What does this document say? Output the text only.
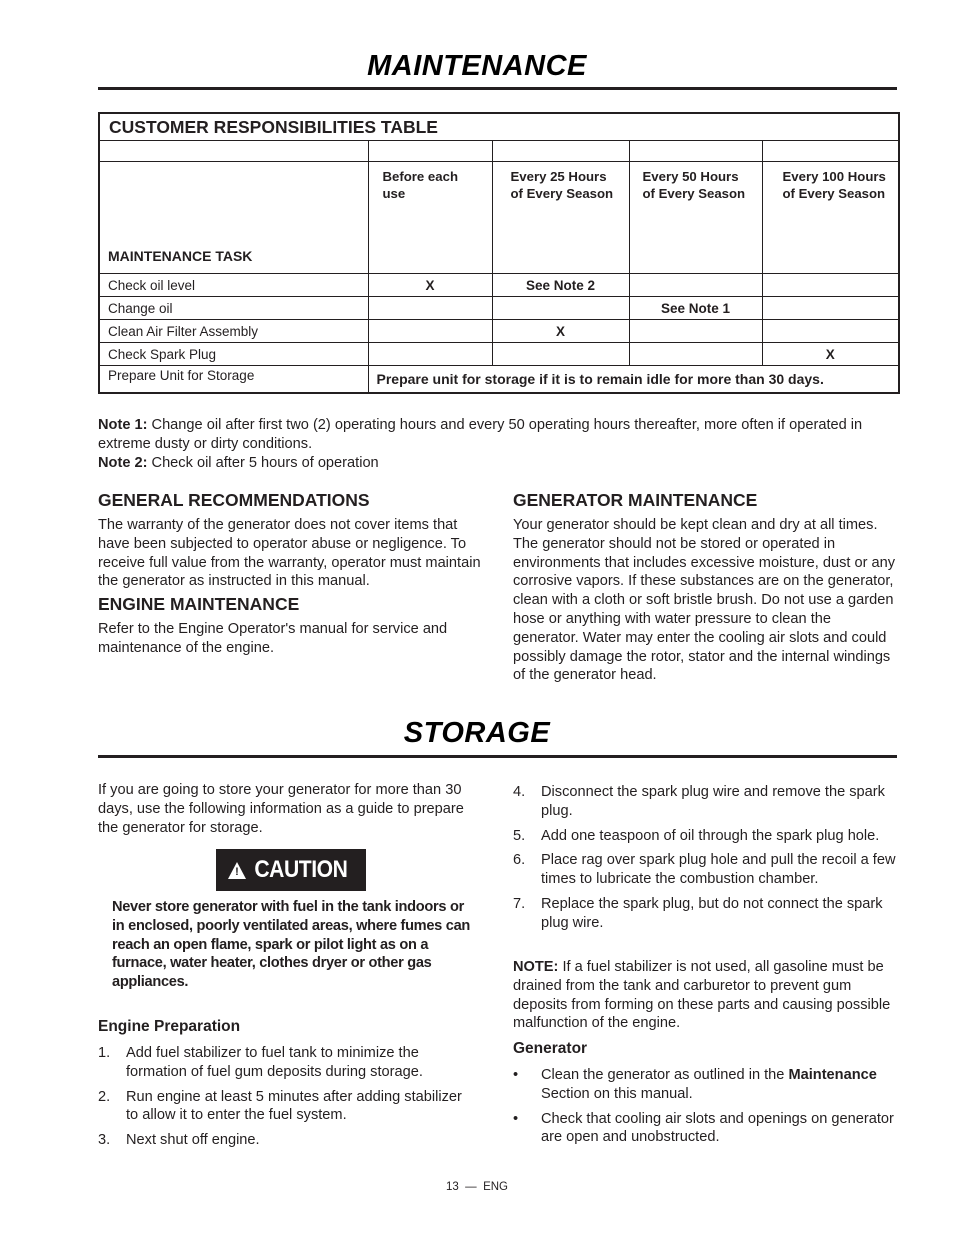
MAINTENANCE
CUSTOMER RESPONSIBILITIES TABLE				

MAINTENANCE TASK	Before each use	Every 25 Hours of Every Season	Every 50 Hours of Every Season	Every 100 Hours of Every Season
Check oil level	X	See Note 2		
Change oil			See Note 1	
Clean Air Filter Assembly		X		
Check Spark Plug				X
Prepare Unit for Storage	Prepare unit for storage if it is to remain idle for more than 30 days.			
Note 1: Change oil after first two (2) operating hours and every 50 operating hours thereafter, more often if operated in extreme dusty or dirty conditions.
Note 2: Check oil after 5 hours of operation
GENERAL RECOMMENDATIONS
The warranty of the generator does not cover items that have been subjected to operator abuse or negligence. To receive full value from the warranty, operator must maintain the generator as instructed in this manual.
ENGINE MAINTENANCE
Refer to the Engine Operator's manual for service and maintenance of the engine.
GENERATOR MAINTENANCE
Your generator should be kept clean and dry at all times. The generator should not be stored or operated in environments that includes excessive moisture, dust or any corrosive vapors. If these substances are on the generator, clean with a cloth or soft bristle brush. Do not use a garden hose or anything with water pressure to clean the generator. Water may enter the cooling air slots and could possibly damage the rotor, stator and the internal windings of the generator head.
STORAGE
If you are going to store your generator for more than 30 days, use the following information as a guide to prepare the generator for storage.
! CAUTION
Never store generator with fuel in the tank indoors or in enclosed, poorly ventilated areas, where fumes can reach an open flame, spark or pilot light as on a furnace, water heater, clothes dryer or other gas appliances.
Engine Preparation
1. Add fuel stabilizer to fuel tank to minimize the formation of fuel gum deposits during storage.
2. Run engine at least 5 minutes after adding stabilizer to allow it to enter the fuel system.
3. Next shut off engine.
4. Disconnect the spark plug wire and remove the spark plug.
5. Add one teaspoon of oil through the spark plug hole.
6. Place rag over spark plug hole and pull the recoil a few times to lubricate the combustion chamber.
7. Replace the spark plug, but do not connect the spark plug wire.
NOTE: If a fuel stabilizer is not used, all gasoline must be drained from the tank and carburetor to prevent gum deposits from forming on these parts and causing possible malfunction of the engine.
Generator
• Clean the generator as outlined in the Maintenance Section on this manual.
• Check that cooling air slots and openings on generator are open and unobstructed.
13  —  ENG
